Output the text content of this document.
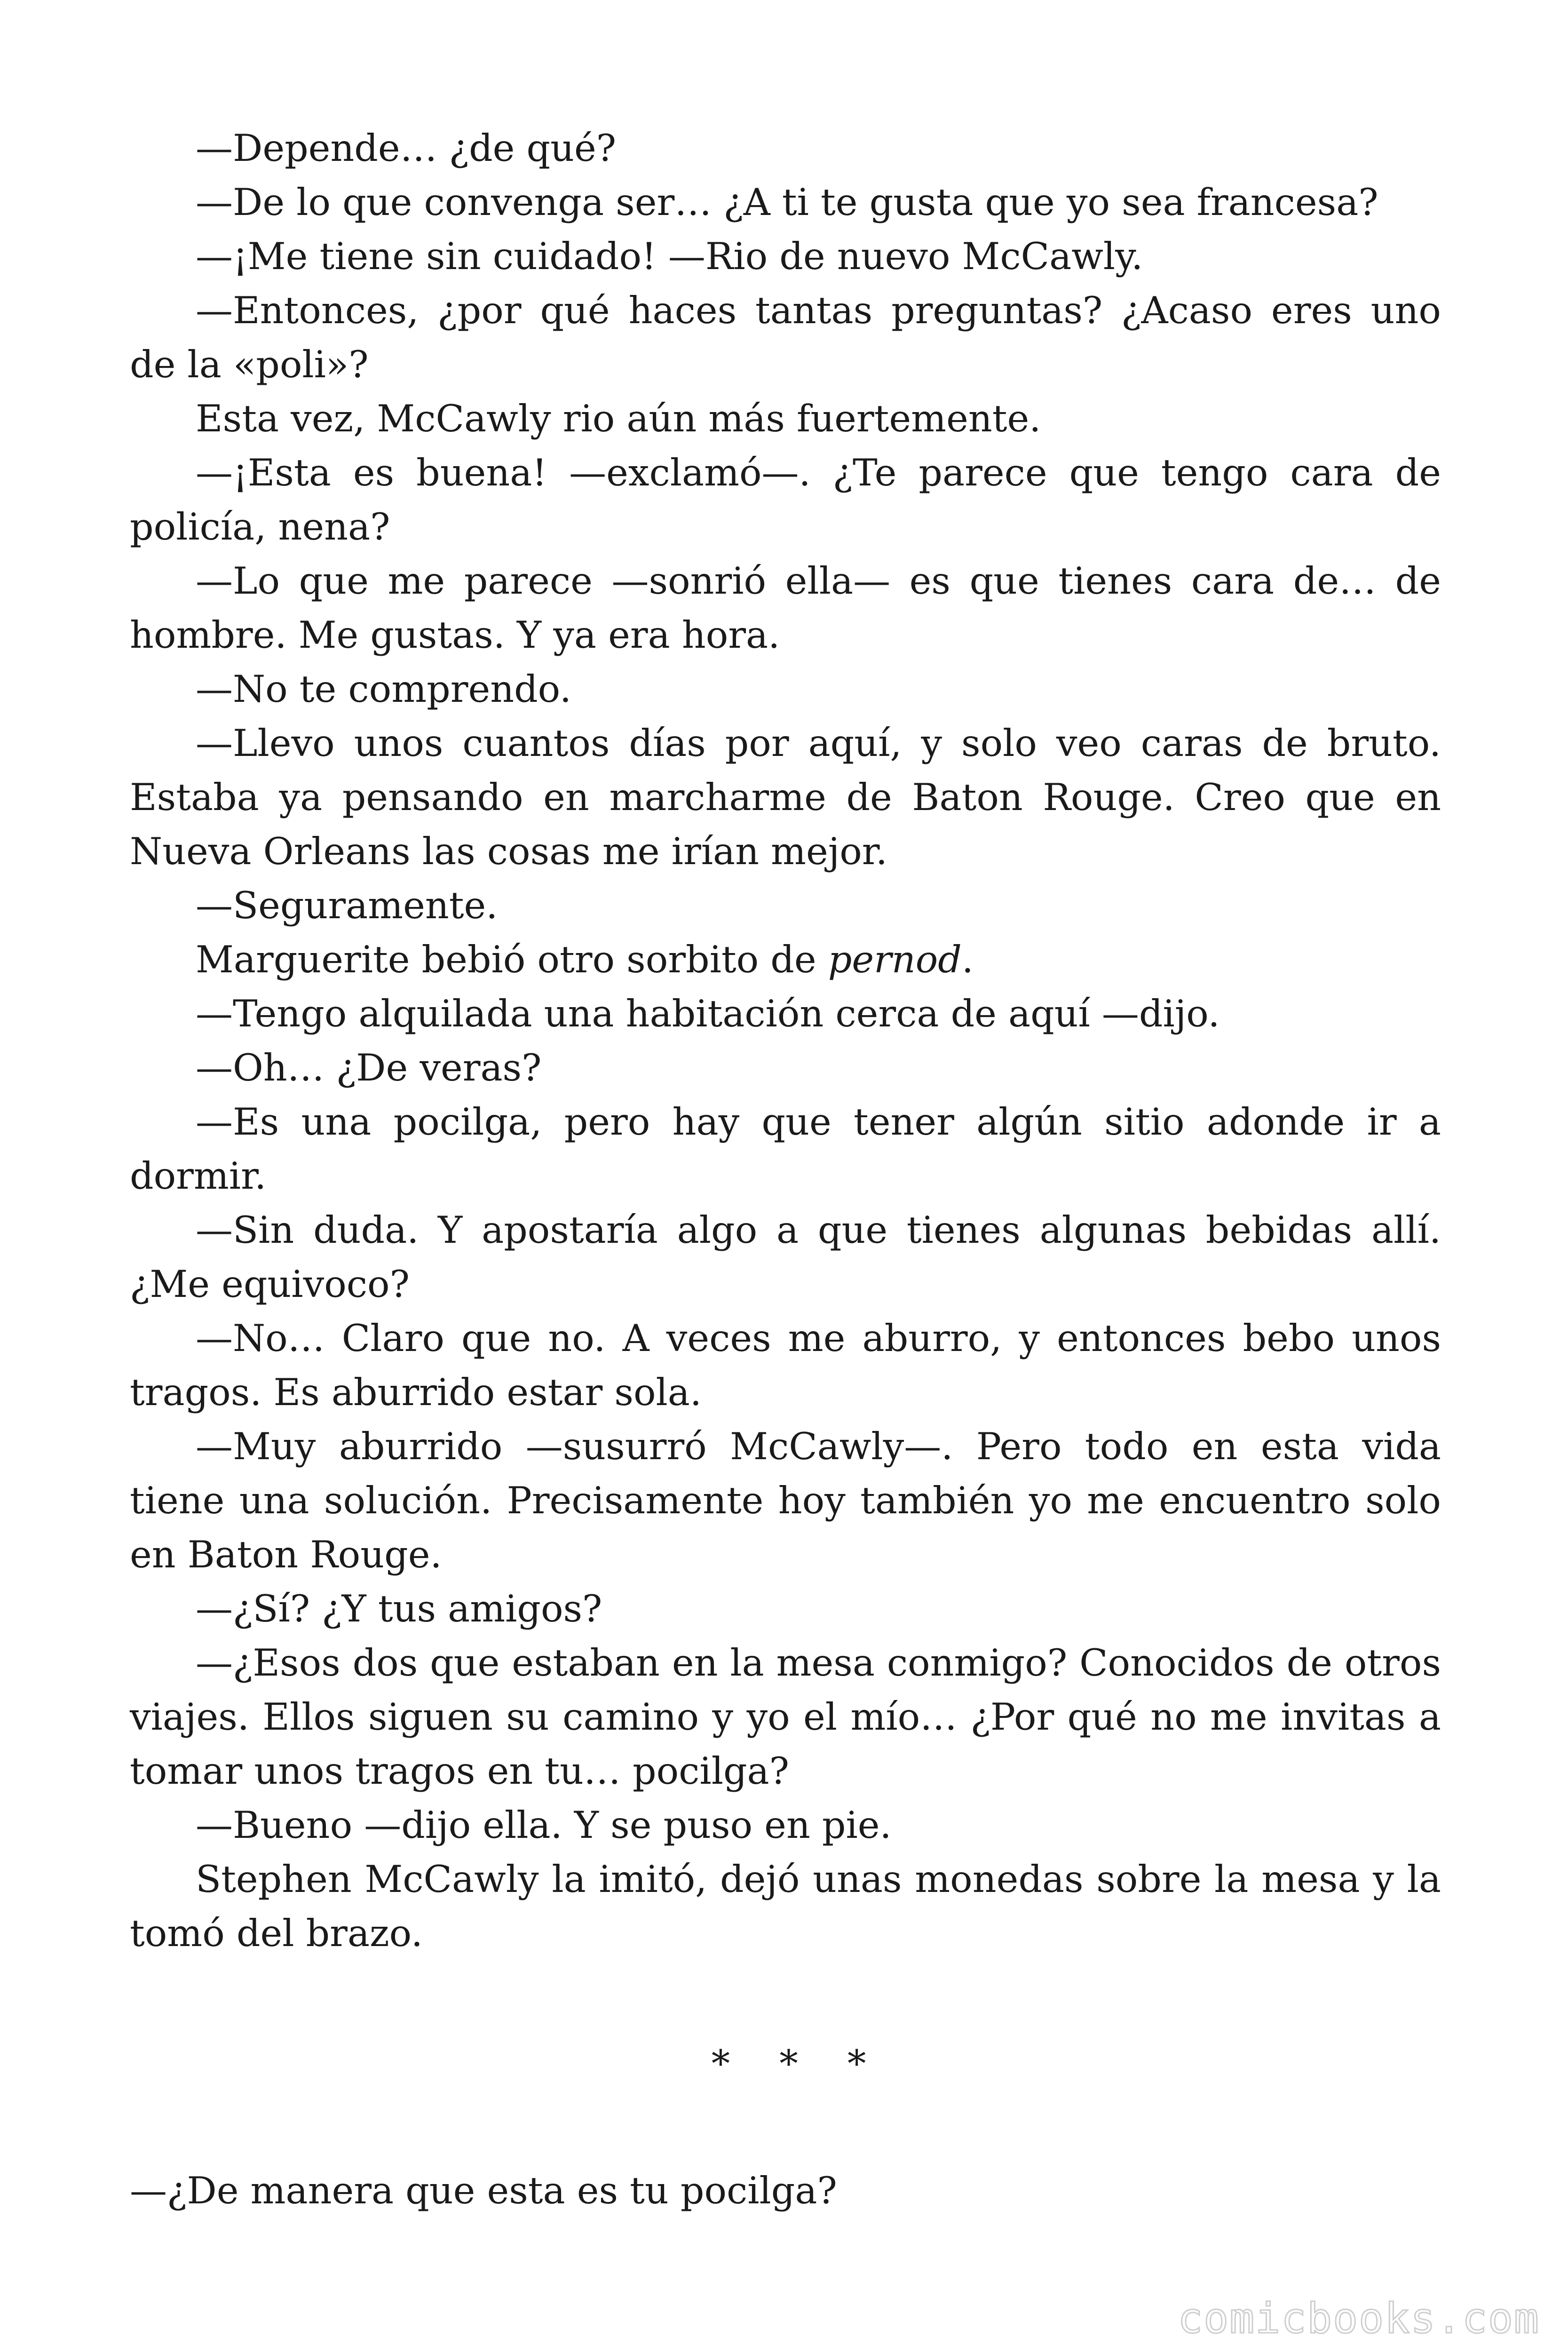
—Depende… ¿de qué?

—De lo que convenga ser… ¿A ti te gusta que yo sea francesa?

—¡Me tiene sin cuidado! —Rio de nuevo McCawly.

—Entonces, ¿por qué haces tantas preguntas? ¿Acaso eres uno de la «poli»?

Esta vez, McCawly rio aún más fuertemente.

—¡Esta es buena! —exclamó—. ¿Te parece que tengo cara de policía, nena?

—Lo que me parece —sonrió ella— es que tienes cara de… de hombre. Me gustas. Y ya era hora.

—No te comprendo.

—Llevo unos cuantos días por aquí, y solo veo caras de bruto. Estaba ya pensando en marcharme de Baton Rouge. Creo que en Nueva Orleans las cosas me irían mejor.

—Seguramente.

Marguerite bebió otro sorbito de pernod.

—Tengo alquilada una habitación cerca de aquí —dijo.

—Oh… ¿De veras?

—Es una pocilga, pero hay que tener algún sitio adonde ir a dormir.

—Sin duda. Y apostaría algo a que tienes algunas bebidas allí. ¿Me equivoco?

—No… Claro que no. A veces me aburro, y entonces bebo unos tragos. Es aburrido estar sola.

—Muy aburrido —susurró McCawly—. Pero todo en esta vida tiene una solución. Precisamente hoy también yo me encuentro solo en Baton Rouge.

—¿Sí? ¿Y tus amigos?

—¿Esos dos que estaban en la mesa conmigo? Conocidos de otros viajes. Ellos siguen su camino y yo el mío… ¿Por qué no me invitas a tomar unos tragos en tu… pocilga?

—Bueno —dijo ella. Y se puso en pie.

Stephen McCawly la imitó, dejó unas monedas sobre la mesa y la tomó del brazo.

* * *

—¿De manera que esta es tu pocilga?

comicbooks.com
